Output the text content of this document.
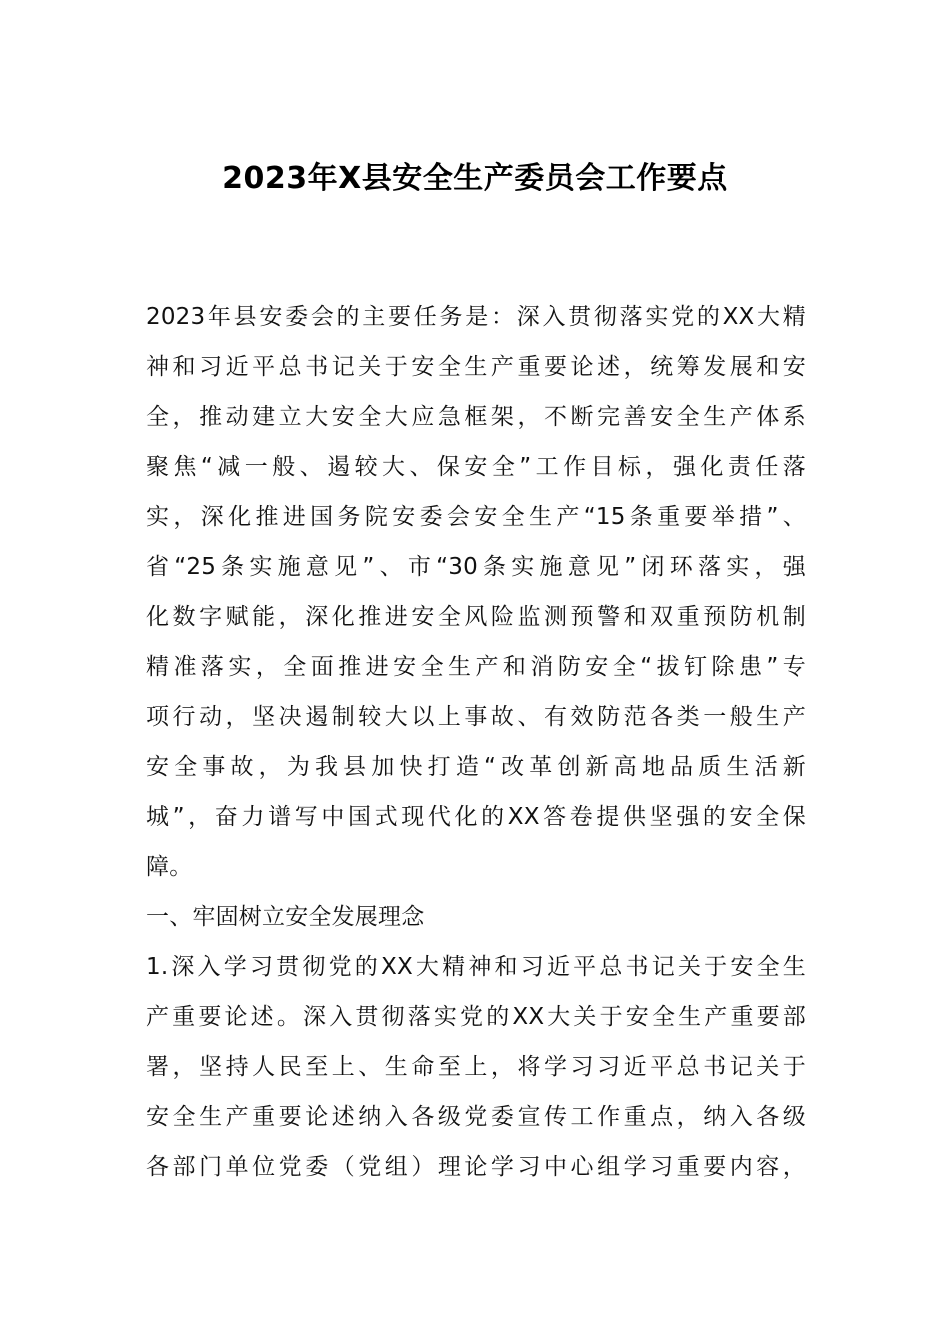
2023年X县安全生产委员会工作要点
2023年县安委会的主要任务是：深入贯彻落实党的XX大精
神和习近平总书记关于安全生产重要论述，统筹发展和安
全，推动建立大安全大应急框架，不断完善安全生产体系
聚焦“减一般、遏较大、保安全”工作目标，强化责任落
实，深化推进国务院安委会安全生产“15条重要举措”、
省“25条实施意见”、市“30条实施意见”闭环落实，强
化数字赋能，深化推进安全风险监测预警和双重预防机制
精准落实，全面推进安全生产和消防安全“拔钉除患”专
项行动，坚决遏制较大以上事故、有效防范各类一般生产
安全事故，为我县加快打造“改革创新高地品质生活新
城”，奋力谱写中国式现代化的XX答卷提供坚强的安全保
障。
一、牢固树立安全发展理念
1.深入学习贯彻党的XX大精神和习近平总书记关于安全生
产重要论述。深入贯彻落实党的XX大关于安全生产重要部
署，坚持人民至上、生命至上，将学习习近平总书记关于
安全生产重要论述纳入各级党委宣传工作重点，纳入各级
各部门单位党委（党组）理论学习中心组学习重要内容，
